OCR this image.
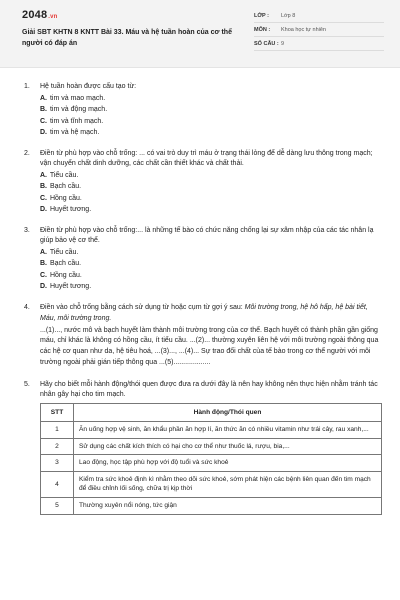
2048.vn
Giải SBT KHTN 8 KNTT Bài 33. Máu và hệ tuần hoàn của cơ thể người có đáp án
LỚP :	Lớp 8
MÔN :	Khoa học tự nhiên
SỐ CÂU : 9
1.	Hệ tuần hoàn được cấu tạo từ:
A. tim và mao mạch.
B. tim và động mạch.
C. tim và tĩnh mạch.
D. tim và hệ mạch.
2.	Điền từ phù hợp vào chỗ trống: ... có vai trò duy trì máu ở trạng thái lỏng để dễ dàng lưu thông trong mạch; vận chuyển chất dinh dưỡng, các chất cần thiết khác và chất thải.
A. Tiểu cầu.
B. Bạch cầu.
C. Hồng cầu.
D. Huyết tương.
3.	Điền từ phù hợp vào chỗ trống:... là những tế bào có chức năng chống lại sự xâm nhập của các tác nhân lạ giúp bảo vệ cơ thể.
A. Tiểu cầu.
B. Bạch cầu.
C. Hồng cầu.
D. Huyết tương.
4.	Điền vào chỗ trống bằng cách sử dụng từ hoặc cụm từ gợi ý sau: Môi trường trong, hệ hô hấp, hệ bài tiết, Máu, môi trường trong.
...(1)..., nước mô và bạch huyết làm thành môi trường trong của cơ thể. Bạch huyết có thành phần gần giống máu, chỉ khác là không có hồng cầu, ít tiểu cầu. ...(2)... thường xuyên liên hệ với môi trường ngoài thông qua các hệ cơ quan như da, hệ tiêu hoá, ...(3)..., ...(4)... Sự trao đổi chất của tế bào trong cơ thể người với môi trường ngoài phải gián tiếp thông qua ...(5)...................
5.	Hãy cho biết mỗi hành động/thói quen được đưa ra dưới đây là nên hay không nên thực hiện nhằm tránh tác nhân gây hại cho tim mạch.
STT	Hành động/Thói quen
1	Ăn uống hợp vệ sinh, ăn khẩu phần ăn hợp lí, ăn thức ăn có nhiều vitamin như trái cây, rau xanh,...
2	Sử dụng các chất kích thích có hại cho cơ thể như thuốc lá, rượu, bia,...
3	Lao động, học tập phù hợp với độ tuổi và sức khoẻ
4	Kiểm tra sức khoẻ định kì nhằm theo dõi sức khoẻ, sớm phát hiện các bệnh liên quan đến tim mạch để điều chỉnh lối sống, chữa trị kịp thời
5	Thường xuyên nổi nóng, tức giận
